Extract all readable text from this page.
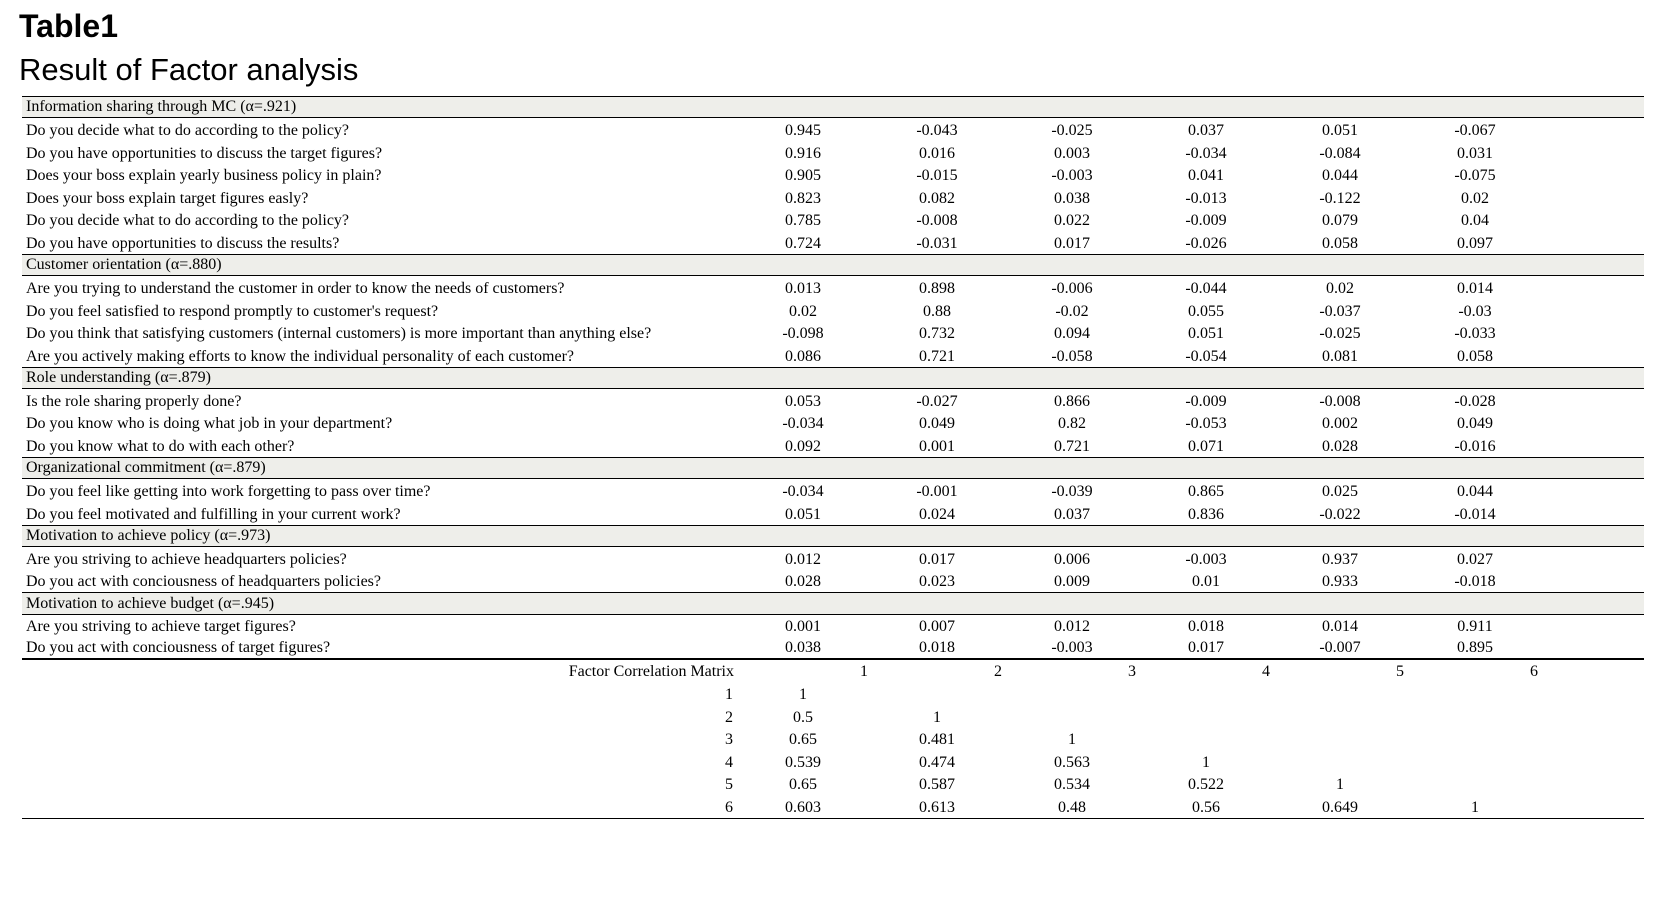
Table1
Result of Factor analysis
Information sharing through MC (α=.921)
Do you decide what to do according to the policy?	0.945	-0.043	-0.025	0.037	0.051	-0.067
Do you have opportunities to discuss the target figures?	0.916	0.016	0.003	-0.034	-0.084	0.031
Does your boss explain yearly business policy in plain?	0.905	-0.015	-0.003	0.041	0.044	-0.075
Does your boss explain target figures easly?	0.823	0.082	0.038	-0.013	-0.122	0.02
Do you decide what to do according to the policy?	0.785	-0.008	0.022	-0.009	0.079	0.04
Do you have opportunities to discuss the results?	0.724	-0.031	0.017	-0.026	0.058	0.097
Customer orientation (α=.880)
Are you trying to understand the customer in order to know the needs of customers?	0.013	0.898	-0.006	-0.044	0.02	0.014
Do you feel satisfied to respond promptly to customer's request?	0.02	0.88	-0.02	0.055	-0.037	-0.03
Do you think that satisfying customers (internal customers) is more important than anything else?	-0.098	0.732	0.094	0.051	-0.025	-0.033
Are you actively making efforts to know the individual personality of each customer?	0.086	0.721	-0.058	-0.054	0.081	0.058
Role understanding (α=.879)
Is the role sharing properly done?	0.053	-0.027	0.866	-0.009	-0.008	-0.028
Do you know who is doing what job in your department?	-0.034	0.049	0.82	-0.053	0.002	0.049
Do you know what to do with each other?	0.092	0.001	0.721	0.071	0.028	-0.016
Organizational commitment (α=.879)
Do you feel like getting into work forgetting to pass over time?	-0.034	-0.001	-0.039	0.865	0.025	0.044
Do you feel motivated and fulfilling in your current work?	0.051	0.024	0.037	0.836	-0.022	-0.014
Motivation to achieve policy (α=.973)
Are you striving to achieve headquarters policies?	0.012	0.017	0.006	-0.003	0.937	0.027
Do you act with conciousness of headquarters policies?	0.028	0.023	0.009	0.01	0.933	-0.018
Motivation to achieve budget (α=.945)
Are you striving to achieve target figures?	0.001	0.007	0.012	0.018	0.014	0.911
Do you act with conciousness of target figures?	0.038	0.018	-0.003	0.017	-0.007	0.895
Factor Correlation Matrix	1	2	3	4	5	6
1	1
2	0.5	1
3	0.65	0.481	1
4	0.539	0.474	0.563	1
5	0.65	0.587	0.534	0.522	1
6	0.603	0.613	0.48	0.56	0.649	1
